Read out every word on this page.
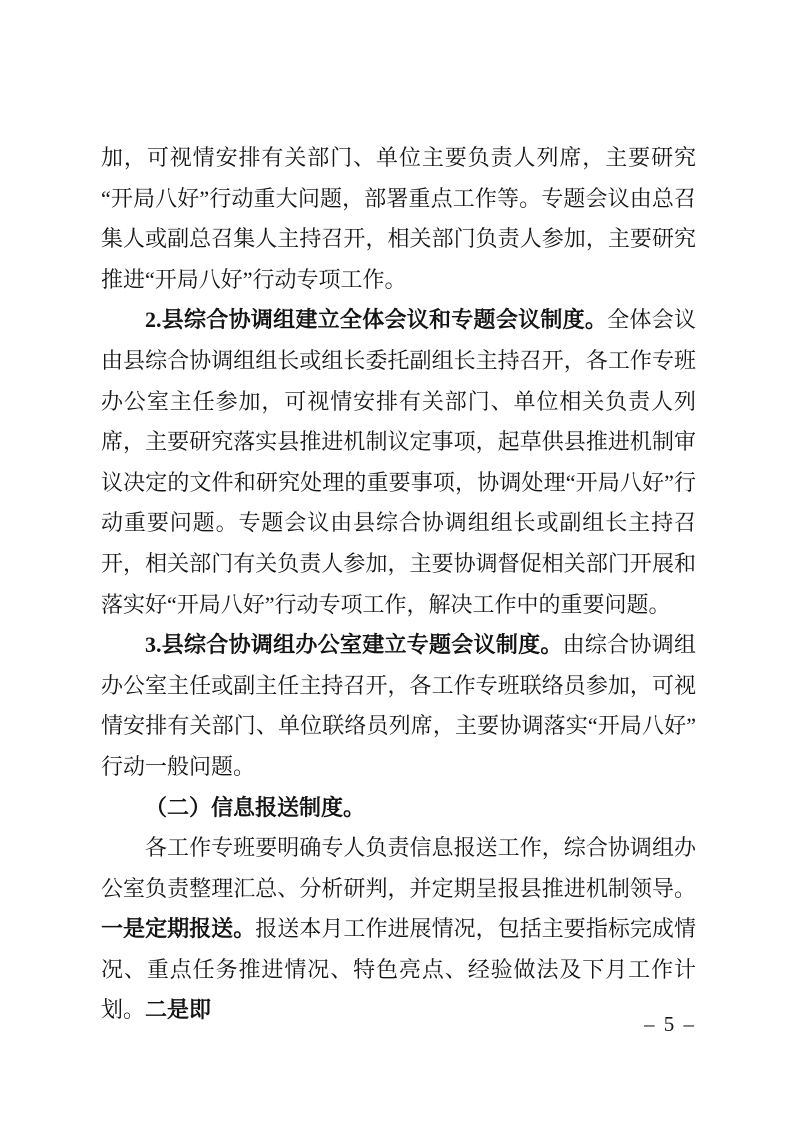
加，可视情安排有关部门、单位主要负责人列席，主要研究“开局八好”行动重大问题，部署重点工作等。专题会议由总召集人或副总召集人主持召开，相关部门负责人参加，主要研究推进“开局八好”行动专项工作。

2.县综合协调组建立全体会议和专题会议制度。全体会议由县综合协调组组长或组长委托副组长主持召开，各工作专班办公室主任参加，可视情安排有关部门、单位相关负责人列席，主要研究落实县推进机制议定事项，起草供县推进机制审议决定的文件和研究处理的重要事项，协调处理“开局八好”行动重要问题。专题会议由县综合协调组组长或副组长主持召开，相关部门有关负责人参加，主要协调督促相关部门开展和落实好“开局八好”行动专项工作，解决工作中的重要问题。

3.县综合协调组办公室建立专题会议制度。由综合协调组办公室主任或副主任主持召开，各工作专班联络员参加，可视情安排有关部门、单位联络员列席，主要协调落实“开局八好”行动一般问题。

（二）信息报送制度。

各工作专班要明确专人负责信息报送工作，综合协调组办公室负责整理汇总、分析研判，并定期呈报县推进机制领导。一是定期报送。报送本月工作进展情况，包括主要指标完成情况、重点任务推进情况、特色亮点、经验做法及下月工作计划。二是即

– 5 –
